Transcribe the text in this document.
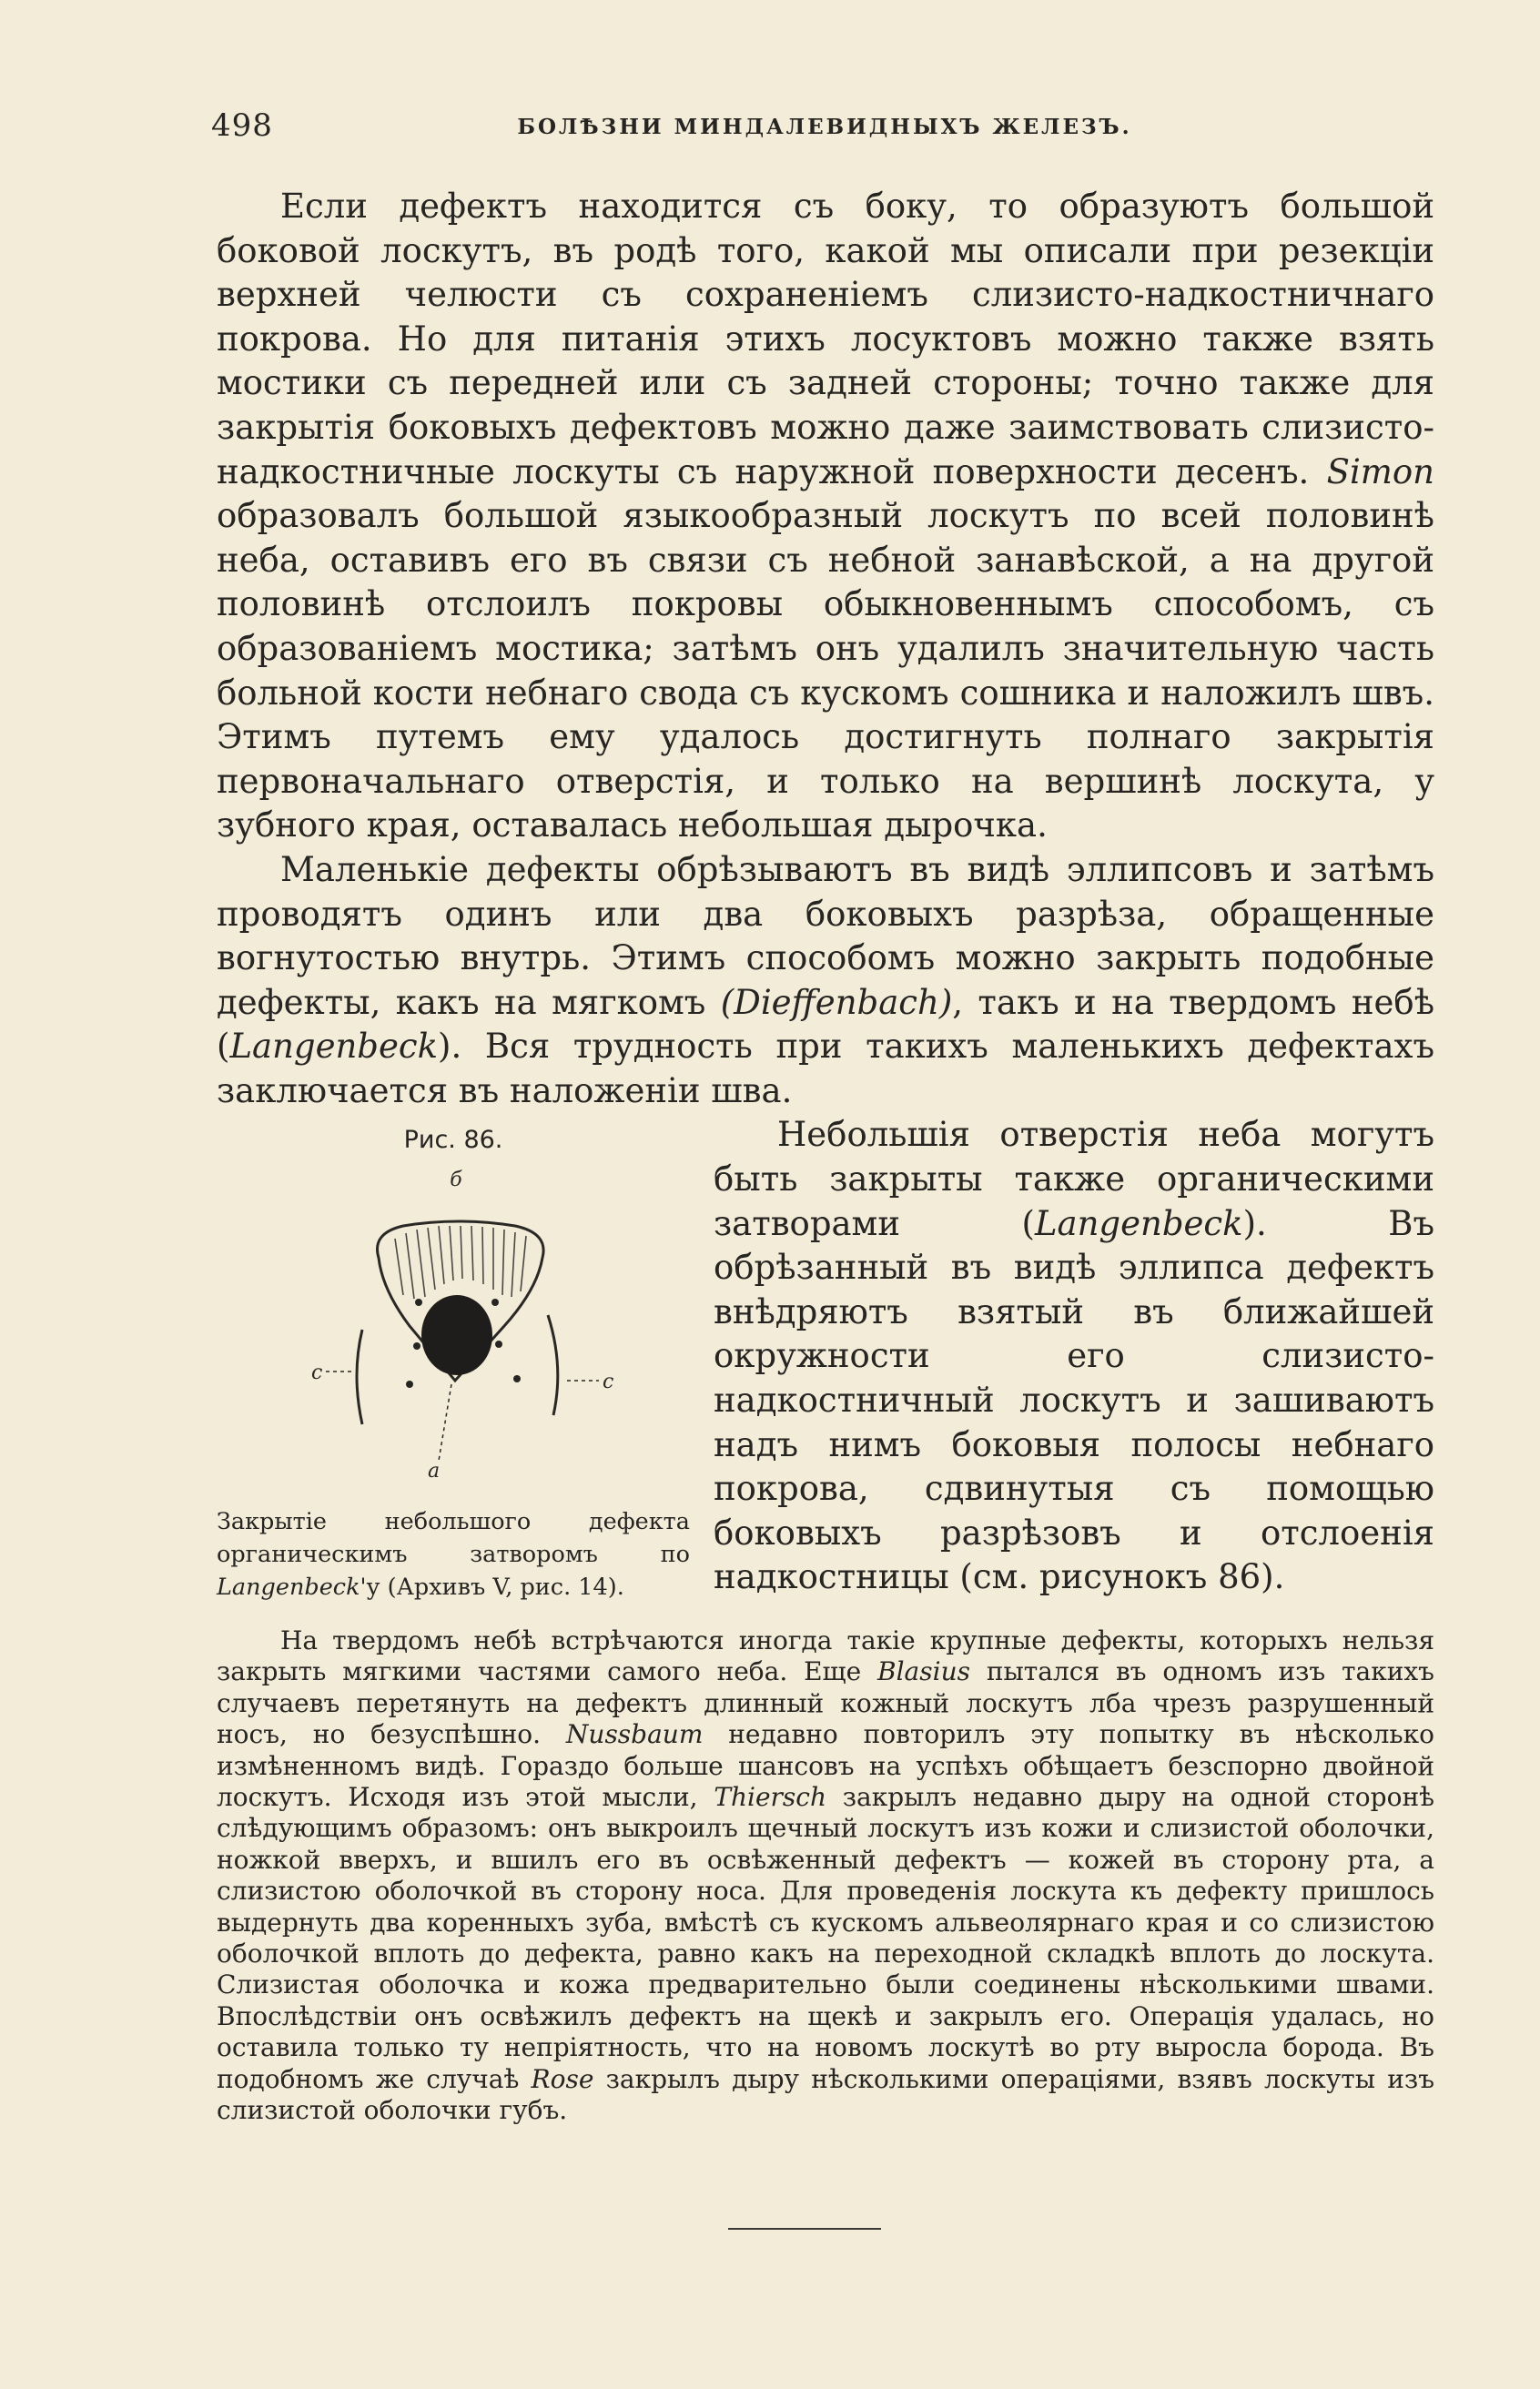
498	БОЛѢЗНИ МИНДАЛЕВИДНЫХЪ ЖЕЛЕЗЪ.

Если дефектъ находится съ боку, то образуютъ большой боковой лоскутъ, въ родѣ того, какой мы описали при резекціи верхней челюсти съ сохраненіемъ слизисто-надкостничнаго покрова. Но для питанія этихъ лосуктовъ можно также взять мостики съ передней или съ задней стороны; точно также для закрытія боковыхъ дефектовъ можно даже заимствовать слизисто-надкостничные лоскуты съ наружной поверхности десенъ. Simon образовалъ большой языкообразный лоскутъ по всей половинѣ неба, оставивъ его въ связи съ небной занавѣской, а на другой половинѣ отслоилъ покровы обыкновеннымъ способомъ, съ образованіемъ мостика; затѣмъ онъ удалилъ значительную часть больной кости небнаго свода съ кускомъ сошника и наложилъ швъ. Этимъ путемъ ему удалось достигнуть полнаго закрытія первоначальнаго отверстія, и только на вершинѣ лоскута, у зубного края, оставалась небольшая дырочка.

Маленькіе дефекты обрѣзываютъ въ видѣ эллипсовъ и затѣмъ проводятъ одинъ или два боковыхъ разрѣза, обращенные вогнутостью внутрь. Этимъ способомъ можно закрыть подобные дефекты, какъ на мягкомъ (Dieffenbach), такъ и на твердомъ небѣ (Langenbeck). Вся трудность при такихъ маленькихъ дефектахъ заключается въ наложеніи шва.

Рис. 86.
б
с	с
a
Закрытіе небольшого дефекта органическимъ затворомъ по Langenbeck'у (Архивъ V, рис. 14).

Небольшія отверстія неба могутъ быть закрыты также органическими затворами (Langenbeck). Въ обрѣзанный въ видѣ эллипса дефектъ внѣдряютъ взятый въ ближайшей окружности его слизисто-надкостничный лоскутъ и зашиваютъ надъ нимъ боковыя полосы небнаго покрова, сдвинутыя съ помощью боковыхъ разрѣзовъ и отслоенія надкостницы (см. рисунокъ 86).

На твердомъ небѣ встрѣчаются иногда такіе крупные дефекты, которыхъ нельзя закрыть мягкими частями самого неба. Еще Blasius пытался въ одномъ изъ такихъ случаевъ перетянуть на дефектъ длинный кожный лоскутъ лба чрезъ разрушенный носъ, но безуспѣшно. Nussbaum недавно повторилъ эту попытку въ нѣсколько измѣненномъ видѣ. Гораздо больше шансовъ на успѣхъ обѣщаетъ безспорно двойной лоскутъ. Исходя изъ этой мысли, Thiersch закрылъ недавно дыру на одной сторонѣ слѣдующимъ образомъ: онъ выкроилъ щечный лоскутъ изъ кожи и слизистой оболочки, ножкой вверхъ, и вшилъ его въ освѣженный дефектъ — кожей въ сторону рта, а слизистою оболочкой въ сторону носа. Для проведенія лоскута къ дефекту пришлось выдернуть два коренныхъ зуба, вмѣстѣ съ кускомъ альвеолярнаго края и со слизистою оболочкой вплоть до дефекта, равно какъ на переходной складкѣ вплоть до лоскута. Слизистая оболочка и кожа предварительно были соединены нѣсколькими швами. Впослѣдствіи онъ освѣжилъ дефектъ на щекѣ и закрылъ его. Операція удалась, но оставила только ту непріятность, что на новомъ лоскутѣ во рту выросла борода. Въ подобномъ же случаѣ Rose закрылъ дыру нѣсколькими операціями, взявъ лоскуты изъ слизистой оболочки губъ.
